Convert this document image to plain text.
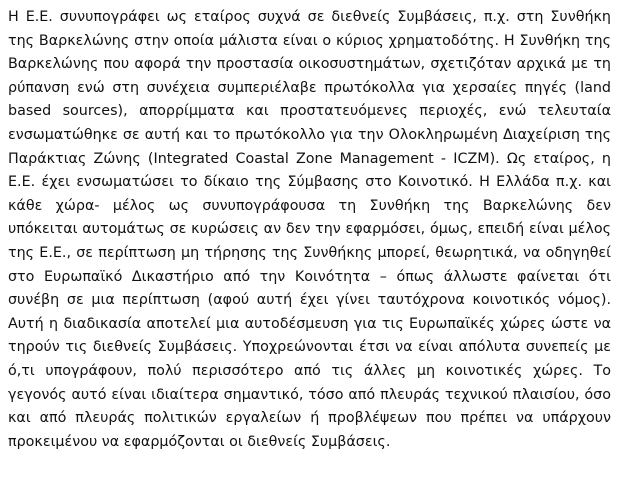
Η Ε.Ε. συνυπογράφει ως εταίρος συχνά σε διεθνείς Συμβάσεις, π.χ. στη Συνθήκη
της Βαρκελώνης στην οποία μάλιστα είναι ο κύριος χρηματοδότης. Η Συνθήκη της
Βαρκελώνης που αφορά την προστασία οικοσυστημάτων, σχετιζόταν αρχικά με τη
ρύπανση ενώ στη συνέχεια συμπεριέλαβε πρωτόκολλα για χερσαίες πηγές (land
based sources), απορρίμματα και προστατευόμενες περιοχές, ενώ τελευταία
ενσωματώθηκε σε αυτή και το πρωτόκολλο για την Ολοκληρωμένη Διαχείριση της
Παράκτιας Ζώνης (Integrated Coastal Zone Management - ICZM). Ως εταίρος, η
Ε.Ε. έχει ενσωματώσει το δίκαιο της Σύμβασης στο Κοινοτικό. Η Ελλάδα π.χ. και
κάθε χώρα- μέλος ως συνυπογράφουσα τη Συνθήκη της Βαρκελώνης δεν
υπόκειται αυτομάτως σε κυρώσεις αν δεν την εφαρμόσει, όμως, επειδή είναι μέλος
της Ε.Ε., σε περίπτωση μη τήρησης της Συνθήκης μπορεί, θεωρητικά, να οδηγηθεί
στο Ευρωπαϊκό Δικαστήριο από την Κοινότητα – όπως άλλωστε φαίνεται ότι
συνέβη σε μια περίπτωση (αφού αυτή έχει γίνει ταυτόχρονα κοινοτικός νόμος).
Αυτή η διαδικασία αποτελεί μια αυτοδέσμευση για τις Ευρωπαϊκές χώρες ώστε να
τηρούν τις διεθνείς Συμβάσεις. Υποχρεώνονται έτσι να είναι απόλυτα συνεπείς με
ό,τι υπογράφουν, πολύ περισσότερο από τις άλλες μη κοινοτικές χώρες. Το
γεγονός αυτό είναι ιδιαίτερα σημαντικό, τόσο από πλευράς τεχνικού πλαισίου, όσο
και από πλευράς πολιτικών εργαλείων ή προβλέψεων που πρέπει να υπάρχουν
προκειμένου να εφαρμόζονται οι διεθνείς Συμβάσεις.
